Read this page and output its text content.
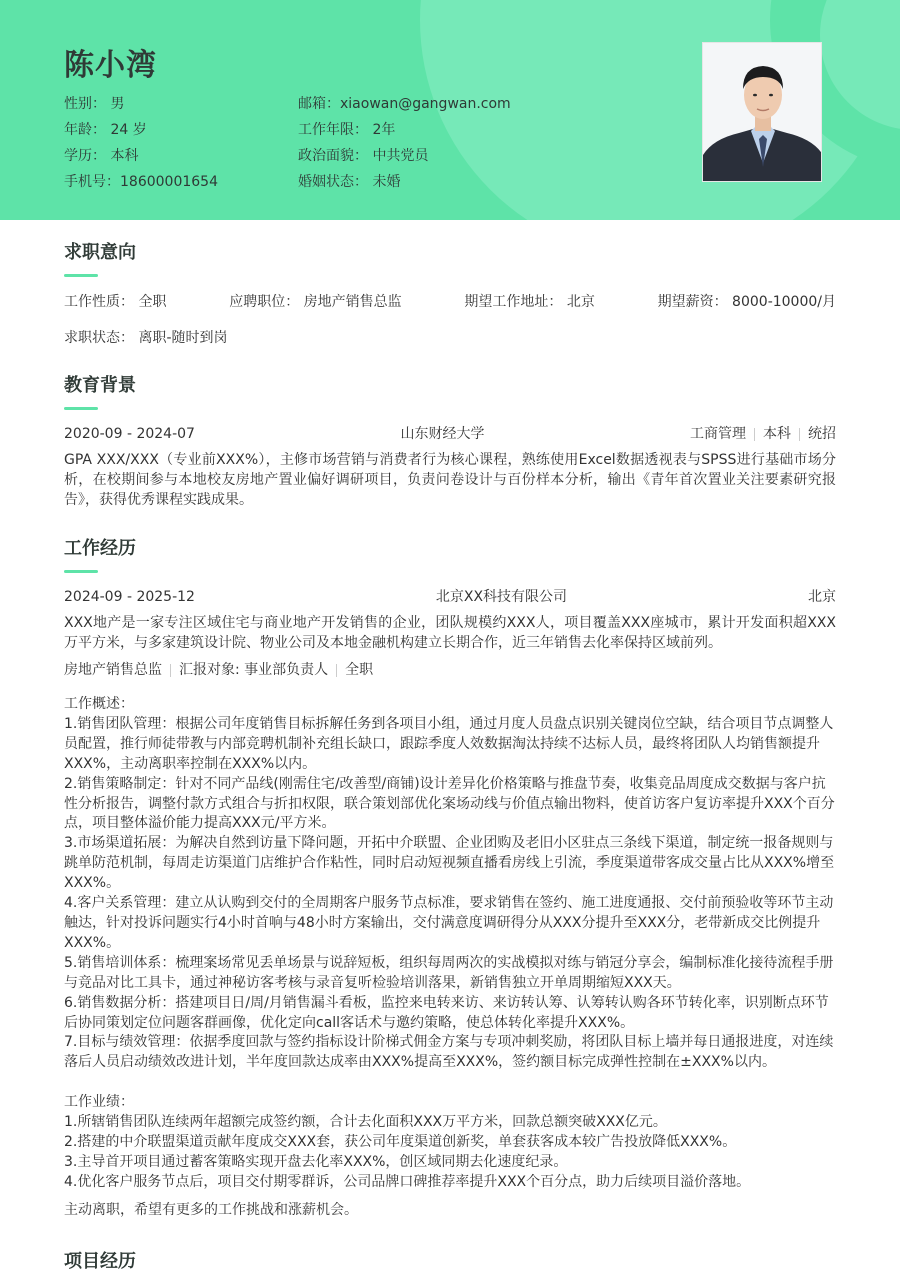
陈小湾
性别： 男	邮箱：xiaowan@gangwan.com
年龄： 24 岁	工作年限： 2年
学历： 本科	政治面貌： 中共党员
手机号：18600001654	婚姻状态： 未婚
求职意向
工作性质： 全职	应聘职位： 房地产销售总监	期望工作地址： 北京	期望薪资： 8000-10000/月
求职状态： 离职-随时到岗
教育背景
2020-09 - 2024-07	山东财经大学	工商管理 本科 统招
GPA XXX/XXX（专业前XXX%），主修市场营销与消费者行为核心课程，熟练使用Excel数据透视表与SPSS进行基础市场分析，在校期间参与本地校友房地产置业偏好调研项目，负责问卷设计与百份样本分析，输出《青年首次置业关注要素研究报告》，获得优秀课程实践成果。
工作经历
2024-09 - 2025-12	北京XX科技有限公司	北京
XXX地产是一家专注区域住宅与商业地产开发销售的企业，团队规模约XXX人，项目覆盖XXX座城市，累计开发面积超XXX万平方米，与多家建筑设计院、物业公司及本地金融机构建立长期合作，近三年销售去化率保持区域前列。
房地产销售总监 汇报对象: 事业部负责人 全职
工作概述：
1.销售团队管理：根据公司年度销售目标拆解任务到各项目小组，通过月度人员盘点识别关键岗位空缺，结合项目节点调整人员配置，推行师徒带教与内部竞聘机制补充组长缺口，跟踪季度人效数据淘汰持续不达标人员，最终将团队人均销售额提升XXX%，主动离职率控制在XXX%以内。
2.销售策略制定：针对不同产品线(刚需住宅/改善型/商铺)设计差异化价格策略与推盘节奏，收集竞品周度成交数据与客户抗性分析报告，调整付款方式组合与折扣权限，联合策划部优化案场动线与价值点输出物料，使首访客户复访率提升XXX个百分点，项目整体溢价能力提高XXX元/平方米。
3.市场渠道拓展：为解决自然到访量下降问题，开拓中介联盟、企业团购及老旧小区驻点三条线下渠道，制定统一报备规则与跳单防范机制，每周走访渠道门店维护合作粘性，同时启动短视频直播看房线上引流，季度渠道带客成交量占比从XXX%增至XXX%。
4.客户关系管理：建立从认购到交付的全周期客户服务节点标准，要求销售在签约、施工进度通报、交付前预验收等环节主动触达，针对投诉问题实行4小时首响与48小时方案输出，交付满意度调研得分从XXX分提升至XXX分，老带新成交比例提升XXX%。
5.销售培训体系：梳理案场常见丢单场景与说辞短板，组织每周两次的实战模拟对练与销冠分享会，编制标准化接待流程手册与竞品对比工具卡，通过神秘访客考核与录音复听检验培训落果，新销售独立开单周期缩短XXX天。
6.销售数据分析：搭建项目日/周/月销售漏斗看板，监控来电转来访、来访转认筹、认筹转认购各环节转化率，识别断点环节后协同策划定位问题客群画像，优化定向call客话术与邀约策略，使总体转化率提升XXX%。
7.目标与绩效管理：依据季度回款与签约指标设计阶梯式佣金方案与专项冲刺奖励，将团队目标上墙并每日通报进度，对连续落后人员启动绩效改进计划，半年度回款达成率由XXX%提高至XXX%，签约额目标完成弹性控制在±XXX%以内。
工作业绩：
1.所辖销售团队连续两年超额完成签约额，合计去化面积XXX万平方米，回款总额突破XXX亿元。
2.搭建的中介联盟渠道贡献年度成交XXX套，获公司年度渠道创新奖，单套获客成本较广告投放降低XXX%。
3.主导首开项目通过蓄客策略实现开盘去化率XXX%，创区域同期去化速度纪录。
4.优化客户服务节点后，项目交付期零群诉，公司品牌口碑推荐率提升XXX个百分点，助力后续项目溢价落地。
主动离职，希望有更多的工作挑战和涨薪机会。
项目经历
